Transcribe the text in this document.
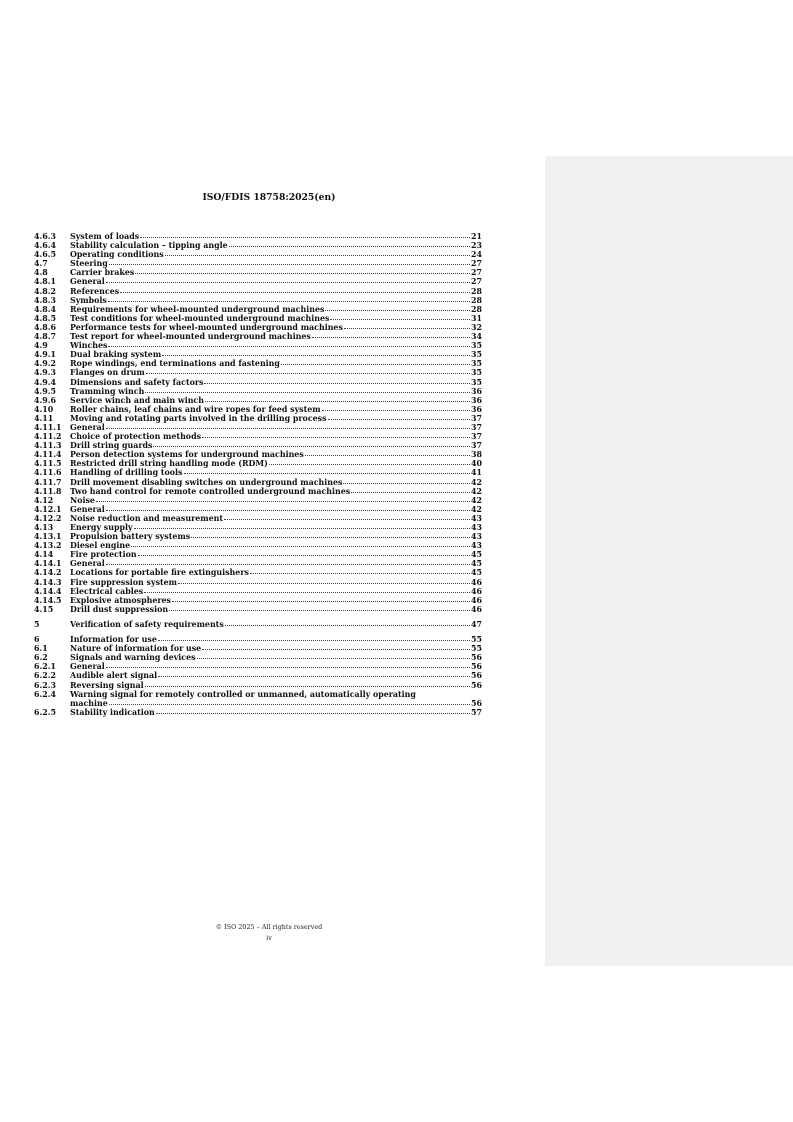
ISO/FDIS 18758:2025(en)
4.6.3	System of loads	21
4.6.4	Stability calculation – tipping angle	23
4.6.5	Operating conditions	24
4.7	Steering	27
4.8	Carrier brakes	27
4.8.1	General	27
4.8.2	References	28
4.8.3	Symbols	28
4.8.4	Requirements for wheel-mounted underground machines	28
4.8.5	Test conditions for wheel-mounted underground machines	31
4.8.6	Performance tests for wheel-mounted underground machines	32
4.8.7	Test report for wheel-mounted underground machines	34
4.9	Winches	35
4.9.1	Dual braking system	35
4.9.2	Rope windings, end terminations and fastening	35
4.9.3	Flanges on drum	35
4.9.4	Dimensions and safety factors	35
4.9.5	Tramming winch	36
4.9.6	Service winch and main winch	36
4.10	Roller chains, leaf chains and wire ropes for feed system	36
4.11	Moving and rotating parts involved in the drilling process	37
4.11.1	General	37
4.11.2	Choice of protection methods	37
4.11.3	Drill string guards	37
4.11.4	Person detection systems for underground machines	38
4.11.5	Restricted drill string handling mode (RDM)	40
4.11.6	Handling of drilling tools	41
4.11.7	Drill movement disabling switches on underground machines	42
4.11.8	Two hand control for remote controlled underground machines	42
4.12	Noise	42
4.12.1	General	42
4.12.2	Noise reduction and measurement	43
4.13	Energy supply	43
4.13.1	Propulsion battery systems	43
4.13.2	Diesel engine	43
4.14	Fire protection	45
4.14.1	General	45
4.14.2	Locations for portable fire extinguishers	45
4.14.3	Fire suppression system	46
4.14.4	Electrical cables	46
4.14.5	Explosive atmospheres	46
4.15	Drill dust suppression	46
5	Verification of safety requirements	47
6	Information for use	55
6.1	Nature of information for use	55
6.2	Signals and warning devices	56
6.2.1	General	56
6.2.2	Audible alert signal	56
6.2.3	Reversing signal	56
6.2.4	Warning signal for remotely controlled or unmanned, automatically operating
machine	56
6.2.5	Stability indication	57
© ISO 2025 – All rights reserved
iv
